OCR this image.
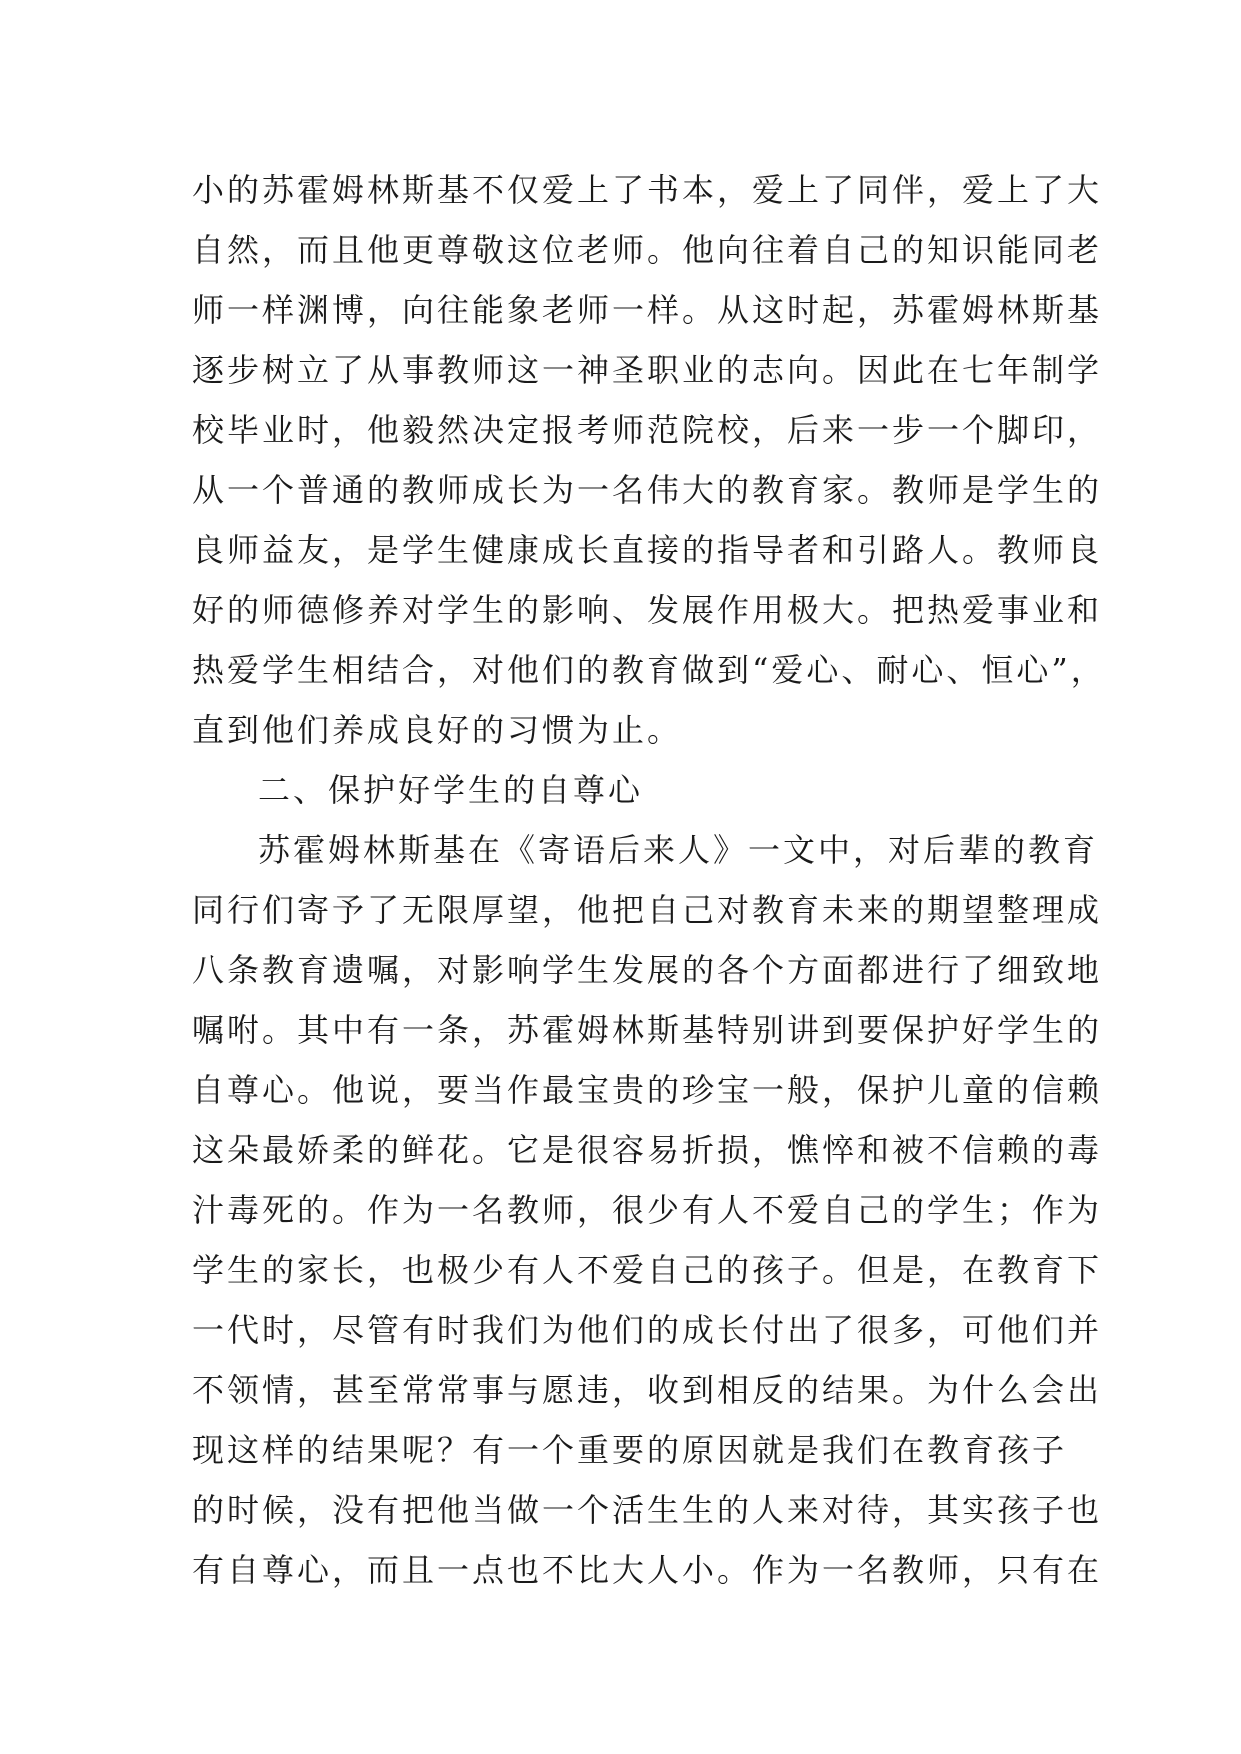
小的苏霍姆林斯基不仅爱上了书本，爱上了同伴，爱上了大
自然，而且他更尊敬这位老师。他向往着自己的知识能同老
师一样渊博，向往能象老师一样。从这时起，苏霍姆林斯基
逐步树立了从事教师这一神圣职业的志向。因此在七年制学
校毕业时，他毅然决定报考师范院校，后来一步一个脚印，
从一个普通的教师成长为一名伟大的教育家。教师是学生的
良师益友，是学生健康成长直接的指导者和引路人。教师良
好的师德修养对学生的影响、发展作用极大。把热爱事业和
热爱学生相结合，对他们的教育做到“爱心、耐心、恒心”，
直到他们养成良好的习惯为止。
二、保护好学生的自尊心
苏霍姆林斯基在《寄语后来人》一文中，对后辈的教育
同行们寄予了无限厚望，他把自己对教育未来的期望整理成
八条教育遗嘱，对影响学生发展的各个方面都进行了细致地
嘱咐。其中有一条，苏霍姆林斯基特别讲到要保护好学生的
自尊心。他说，要当作最宝贵的珍宝一般，保护儿童的信赖
这朵最娇柔的鲜花。它是很容易折损，憔悴和被不信赖的毒
汁毒死的。作为一名教师，很少有人不爱自己的学生；作为
学生的家长，也极少有人不爱自己的孩子。但是，在教育下
一代时，尽管有时我们为他们的成长付出了很多，可他们并
不领情，甚至常常事与愿违，收到相反的结果。为什么会出
现这样的结果呢？有一个重要的原因就是我们在教育孩子
的时候，没有把他当做一个活生生的人来对待，其实孩子也
有自尊心，而且一点也不比大人小。作为一名教师，只有在
